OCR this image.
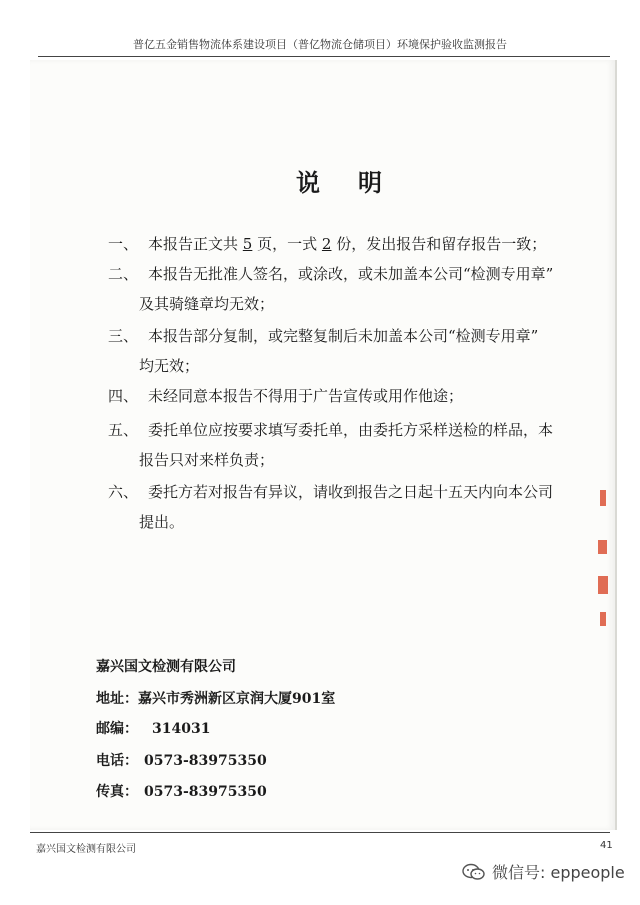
普亿五金销售物流体系建设项目（普亿物流仓储项目）环境保护验收监测报告
说明
一、 本报告正文共 5 页，一式 2 份，发出报告和留存报告一致；
二、 本报告无批准人签名，或涂改，或未加盖本公司“检测专用章”
及其骑缝章均无效；
三、 本报告部分复制，或完整复制后未加盖本公司“检测专用章”
均无效；
四、 未经同意本报告不得用于广告宣传或用作他途；
五、 委托单位应按要求填写委托单，由委托方采样送检的样品，本
报告只对来样负责；
六、 委托方若对报告有异议，请收到报告之日起十五天内向本公司
提出。
嘉兴国文检测有限公司
地址：嘉兴市秀洲新区京润大厦901室
邮编： 314031
电话： 0573-83975350
传真： 0573-83975350
嘉兴国文检测有限公司	41
微信号: eppeople
